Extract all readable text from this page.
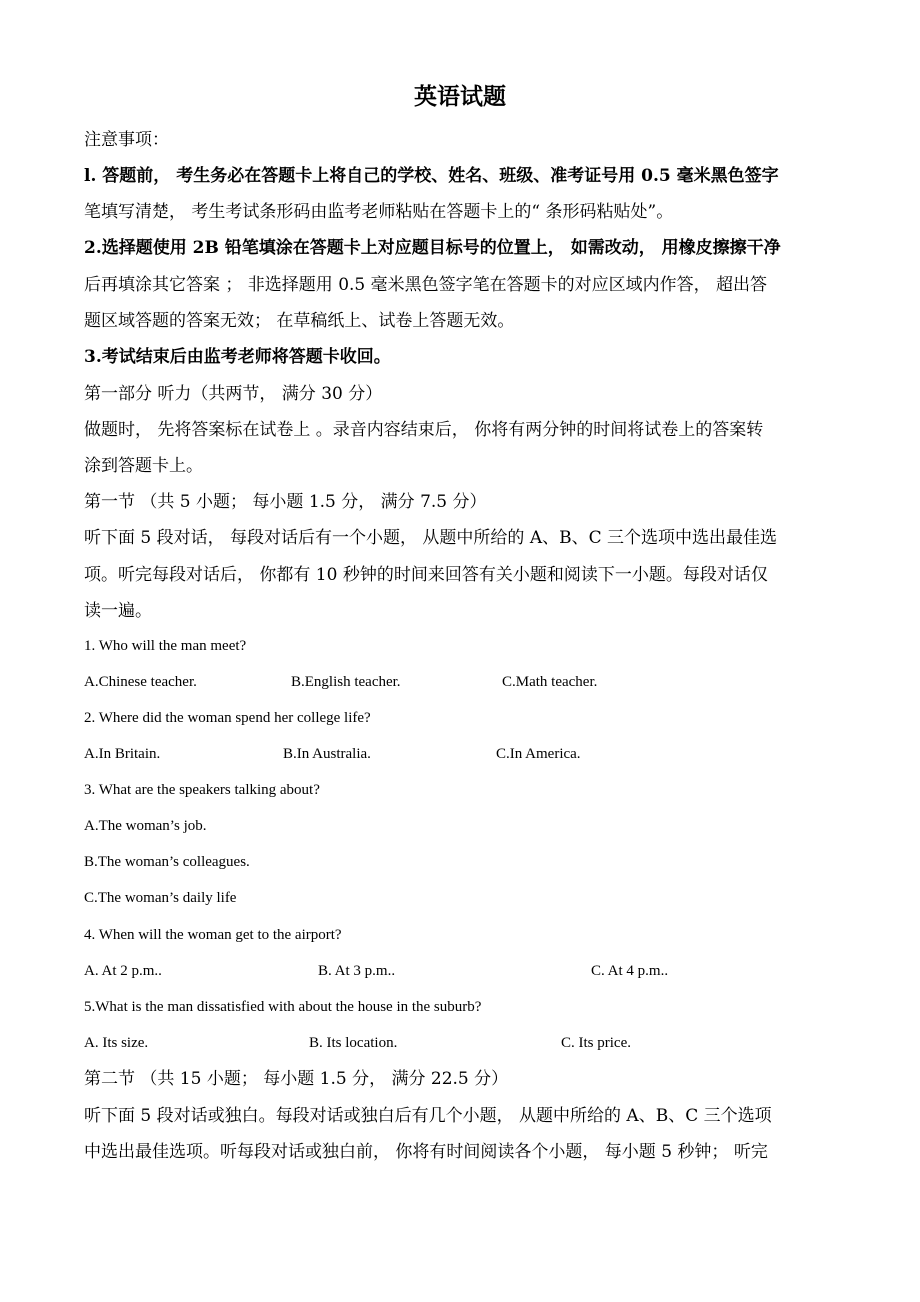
英语试题
注意事项：
l. 答题前， 考生务必在答题卡上将自己的学校、姓名、班级、准考证号用 0.5 毫米黑色签字
笔填写清楚， 考生考试条形码由监考老师粘贴在答题卡上的“ 条形码粘贴处”。
2.选择题使用 2B 铅笔填涂在答题卡上对应题目标号的位置上， 如需改动， 用橡皮擦擦干净
后再填涂其它答案 ； 非选择题用 0.5 毫米黑色签字笔在答题卡的对应区域内作答， 超出答
题区域答题的答案无效； 在草稿纸上、试卷上答题无效。
3.考试结束后由监考老师将答题卡收回。
第一部分 听力（共两节， 满分 30 分）
做题时， 先将答案标在试卷上 。录音内容结束后， 你将有两分钟的时间将试卷上的答案转
涂到答题卡上。
第一节 （共 5 小题； 每小题 1.5 分， 满分 7.5 分）
听下面 5 段对话， 每段对话后有一个小题， 从题中所给的 A、B、C 三个选项中选出最佳选
项。听完每段对话后， 你都有 10 秒钟的时间来回答有关小题和阅读下一小题。每段对话仅
读一遍。
1. Who will the man meet?
A.Chinese teacher.	B.English teacher.	C.Math teacher.
2. Where did the woman spend her college life?
A.In Britain.	B.In Australia.	C.In America.
3. What are the speakers talking about?
A.The woman’s job.
B.The woman’s colleagues.
C.The woman’s daily life
4. When will the woman get to the airport?
A. At 2 p.m..	B. At 3 p.m..	C. At 4 p.m..
5.What is the man dissatisfied with about the house in the suburb?
A. Its size.	B. Its location.	C. Its price.
第二节 （共 15 小题； 每小题 1.5 分， 满分 22.5 分）
听下面 5 段对话或独白。每段对话或独白后有几个小题， 从题中所给的 A、B、C 三个选项
中选出最佳选项。听每段对话或独白前， 你将有时间阅读各个小题， 每小题 5 秒钟； 听完
